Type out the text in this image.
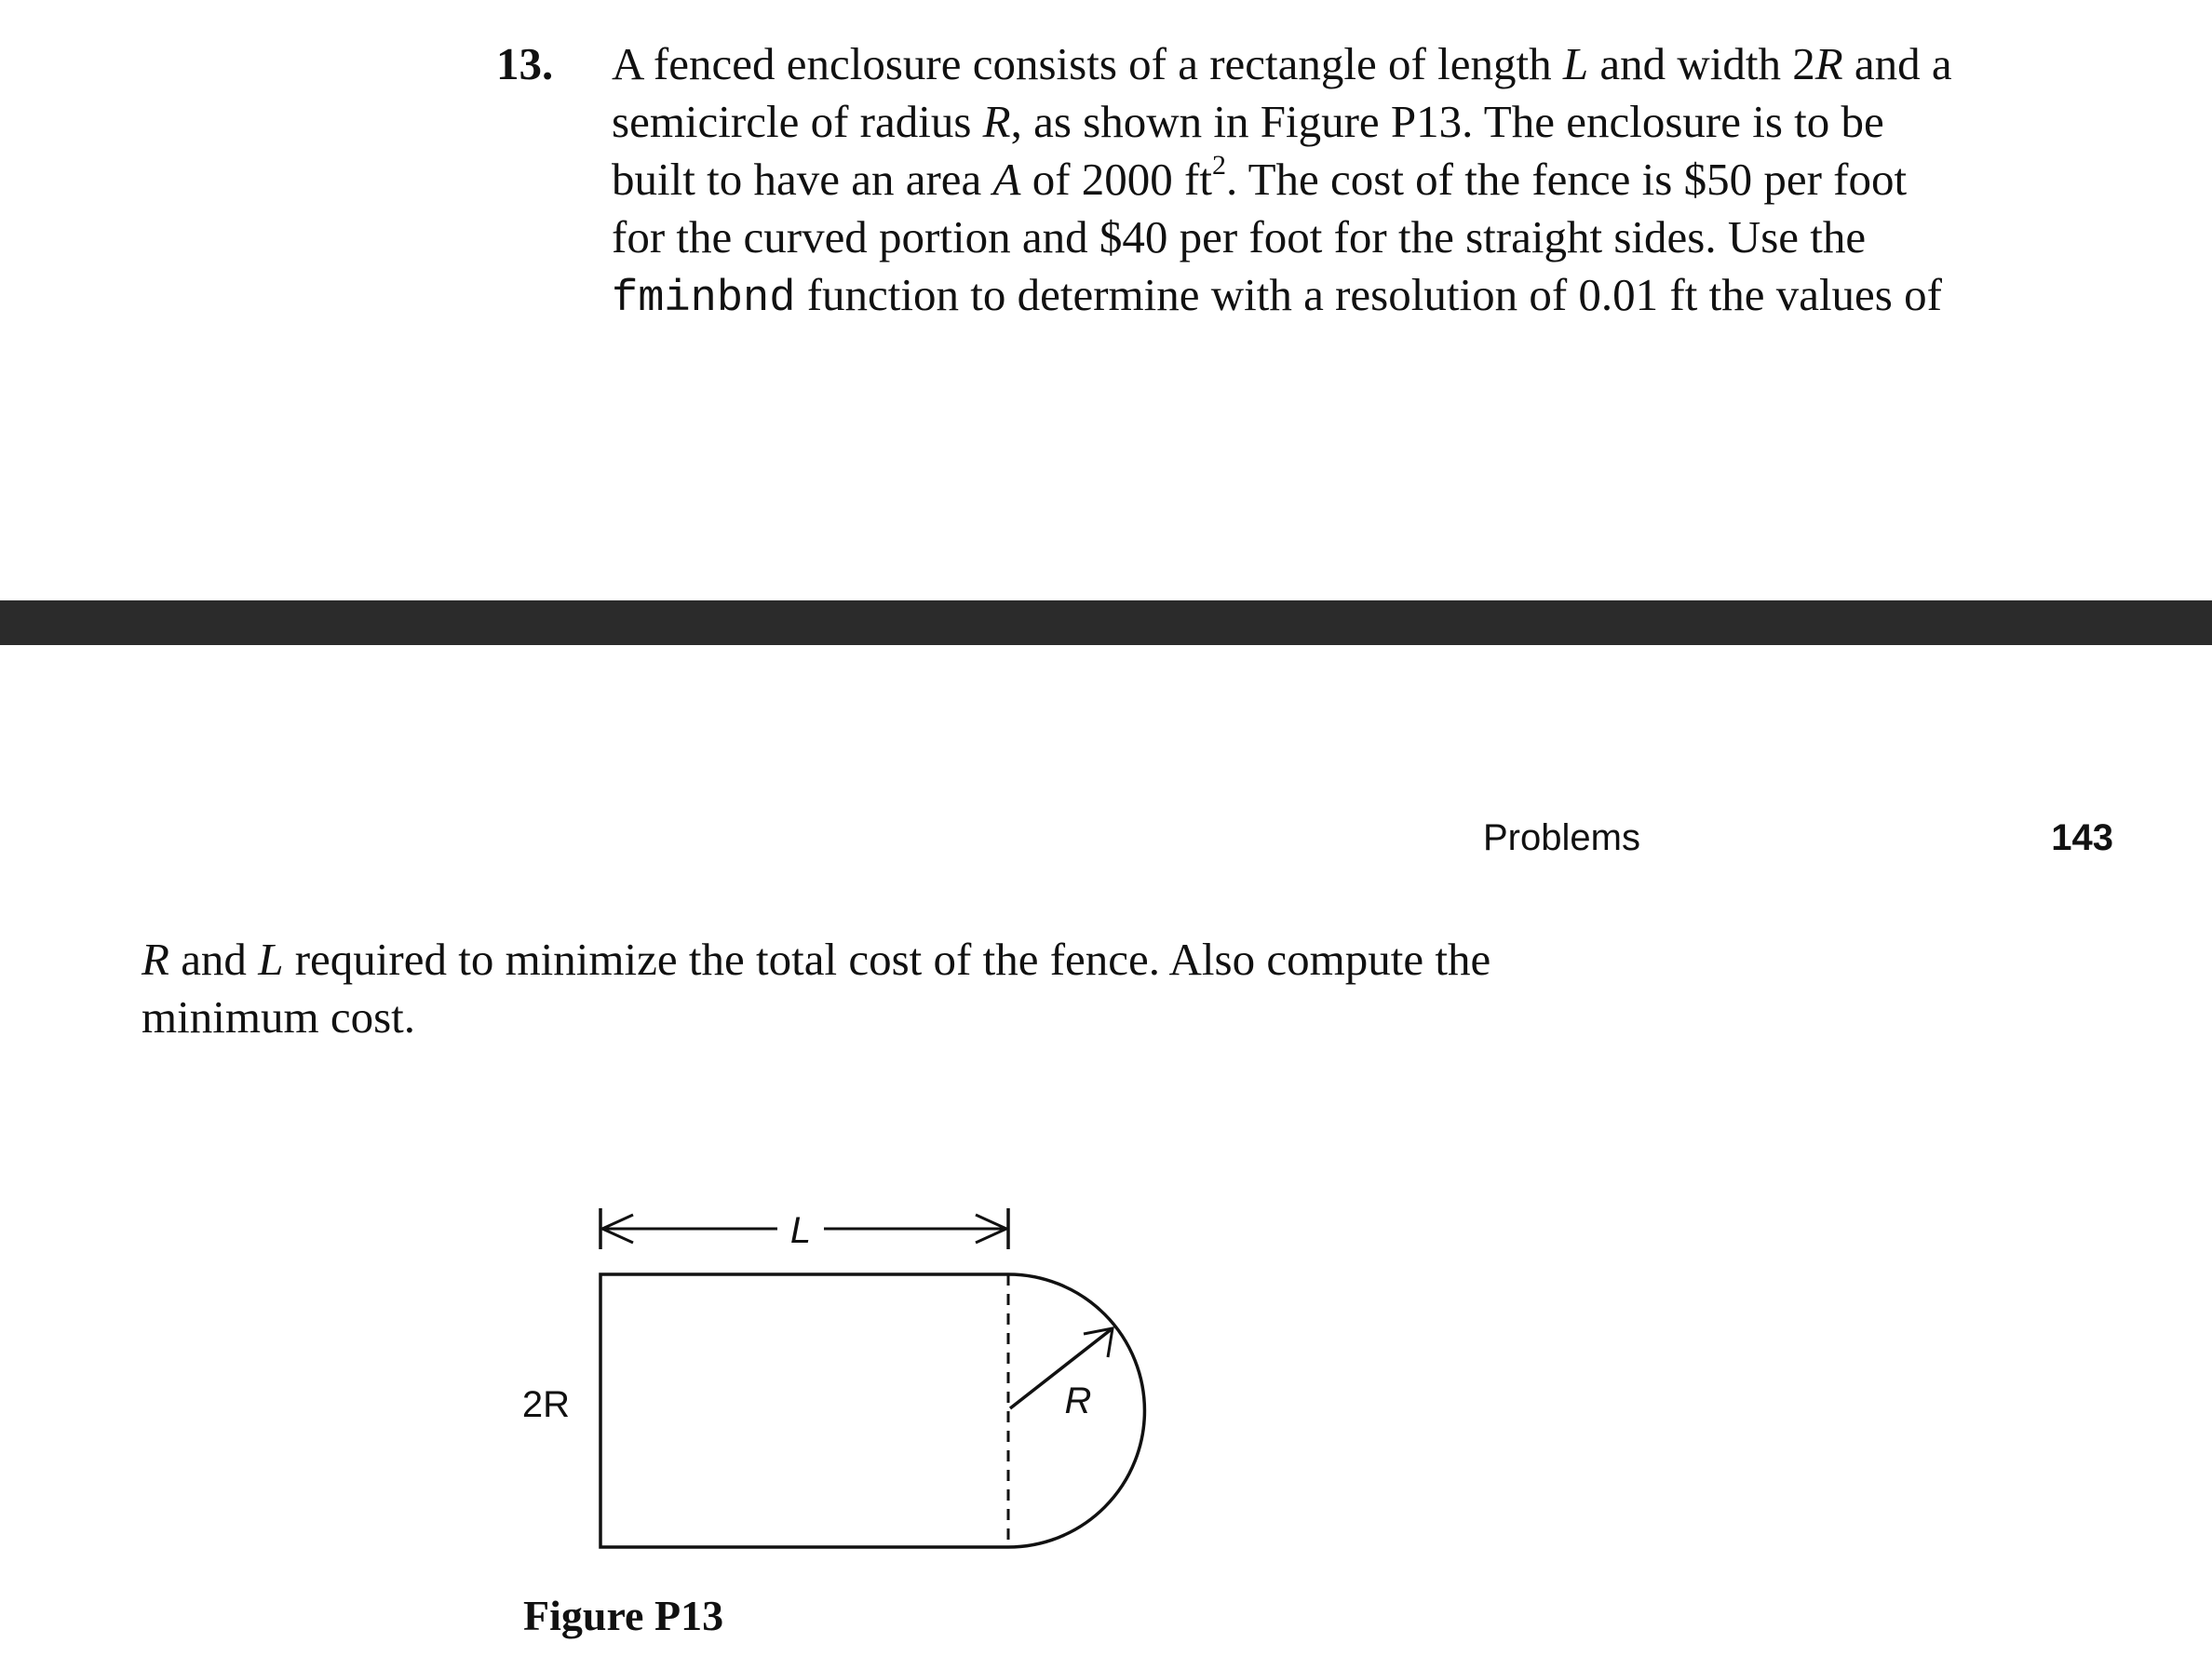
13. A fenced enclosure consists of a rectangle of length L and width 2R and a
semicircle of radius R, as shown in Figure P13. The enclosure is to be
built to have an area A of 2000 $ft^2$. The cost of the fence is $50 per foot
for the curved portion and $40 per foot for the straight sides. Use the
fminbnd function to determine with a resolution of 0.01 ft the values of
Problems	143
R and L required to minimize the total cost of the fence. Also compute the
minimum cost.
L
2R	R
Figure P13
